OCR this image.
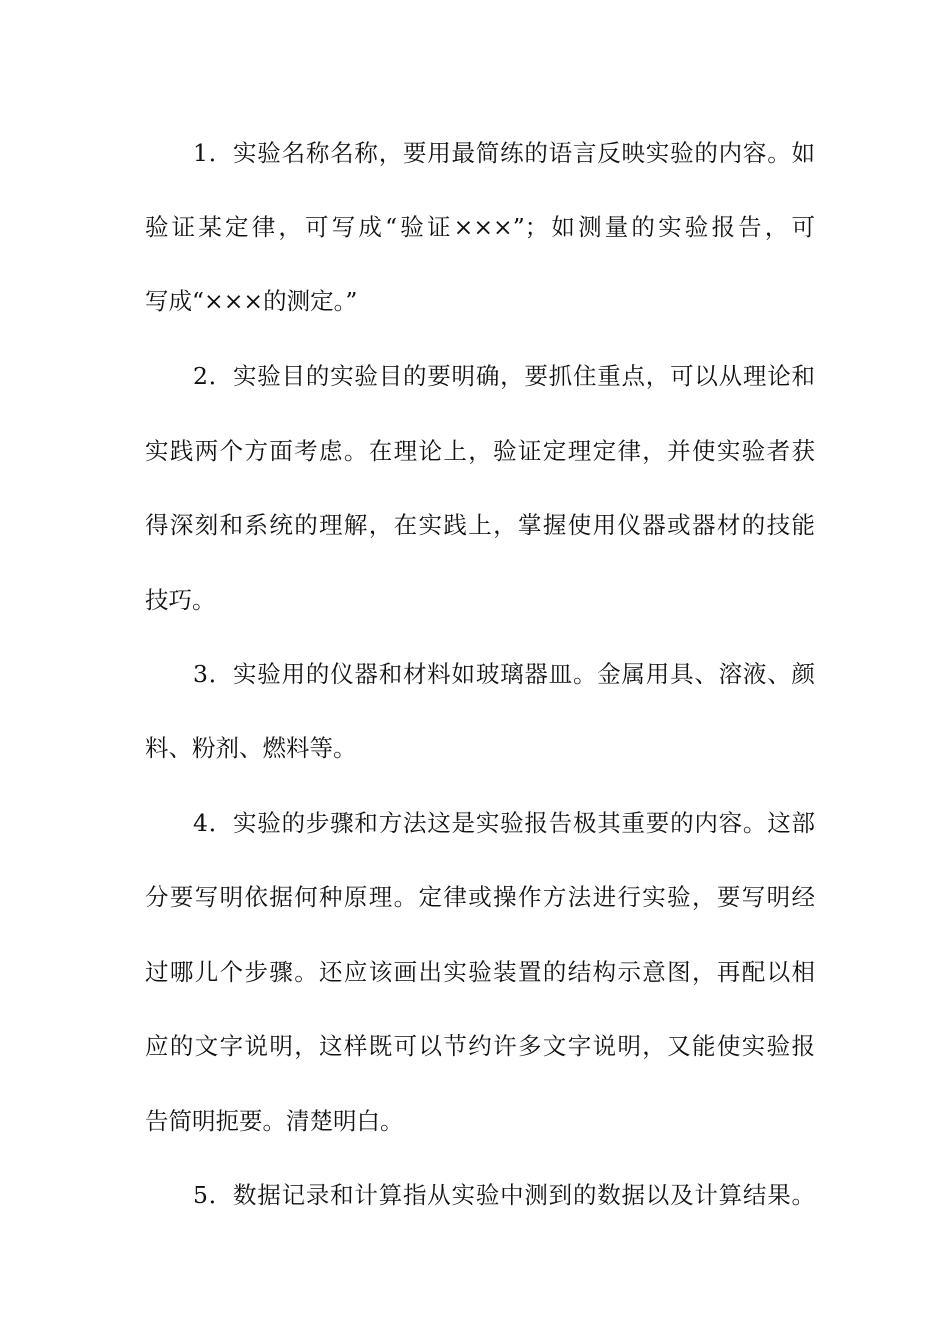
1．实验名称名称，要用最简练的语言反映实验的内容。如
验证某定律，可写成“验证×××”；如测量的实验报告，可
写成“×××的测定。”
2．实验目的实验目的要明确，要抓住重点，可以从理论和
实践两个方面考虑。在理论上，验证定理定律，并使实验者获
得深刻和系统的理解，在实践上，掌握使用仪器或器材的技能
技巧。
3．实验用的仪器和材料如玻璃器皿。金属用具、溶液、颜
料、粉剂、燃料等。
4．实验的步骤和方法这是实验报告极其重要的内容。这部
分要写明依据何种原理。定律或操作方法进行实验，要写明经
过哪儿个步骤。还应该画出实验装置的结构示意图，再配以相
应的文字说明，这样既可以节约许多文字说明，又能使实验报
告简明扼要。清楚明白。
5．数据记录和计算指从实验中测到的数据以及计算结果。
